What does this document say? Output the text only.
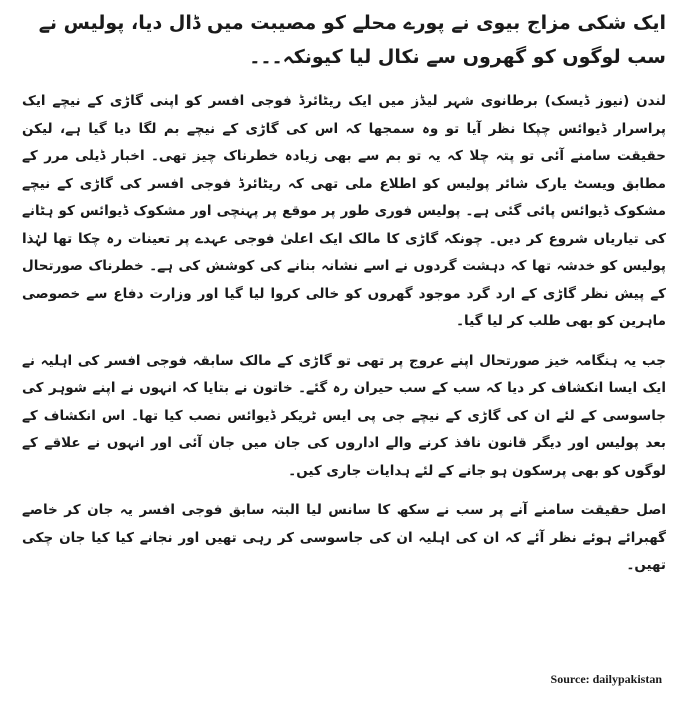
ایک شکی مزاج بیوی نے پورے محلے کو مصیبت میں ڈال دیا، پولیس نے سب لوگوں کو گھروں سے نکال لیا کیونکہ۔۔۔

لندن (نیوز ڈیسک) برطانوی شہر لیڈز میں ایک ریٹائرڈ فوجی افسر کو اپنی گاڑی کے نیچے ایک پراسرار ڈیوائس چپکا نظر آیا تو وہ سمجھا کہ اس کی گاڑی کے نیچے بم لگا دیا گیا ہے، لیکن حقیقت سامنے آئی تو پتہ چلا کہ یہ تو بم سے بھی زیادہ خطرناک چیز تھی۔ اخبار ڈیلی مرر کے مطابق ویسٹ یارک شائر پولیس کو اطلاع ملی تھی کہ ریٹائرڈ فوجی افسر کی گاڑی کے نیچے مشکوک ڈیوائس پائی گئی ہے۔ پولیس فوری طور پر موقع پر پہنچی اور مشکوک ڈیوائس کو ہٹانے کی تیاریاں شروع کر دیں۔ چونکہ گاڑی کا مالک ایک اعلیٰ فوجی عہدے پر تعینات رہ چکا تھا لہٰذا پولیس کو خدشہ تھا کہ دہشت گردوں نے اسے نشانہ بنانے کی کوشش کی ہے۔ خطرناک صورتحال کے پیش نظر گاڑی کے ارد گرد موجود گھروں کو خالی کروا لیا گیا اور وزارت دفاع سے خصوصی ماہرین کو بھی طلب کر لیا گیا۔

جب یہ ہنگامہ خیز صورتحال اپنے عروج پر تھی تو گاڑی کے مالک سابقہ فوجی افسر کی اہلیہ نے ایک ایسا انکشاف کر دیا کہ سب کے سب حیران رہ گئے۔ خاتون نے بتایا کہ انہوں نے اپنے شوہر کی جاسوسی کے لئے ان کی گاڑی کے نیچے جی پی ایس ٹریکر ڈیوائس نصب کیا تھا۔ اس انکشاف کے بعد پولیس اور دیگر قانون نافذ کرنے والے اداروں کی جان میں جان آئی اور انہوں نے علاقے کے لوگوں کو بھی پرسکون ہو جانے کے لئے ہدایات جاری کیں۔

اصل حقیقت سامنے آنے پر سب نے سکھ کا سانس لیا البتہ سابق فوجی افسر یہ جان کر خاصے گھبرائے ہوئے نظر آئے کہ ان کی اہلیہ ان کی جاسوسی کر رہی تھیں اور نجانے کیا کیا جان چکی تھیں۔

Source: dailypakistan
